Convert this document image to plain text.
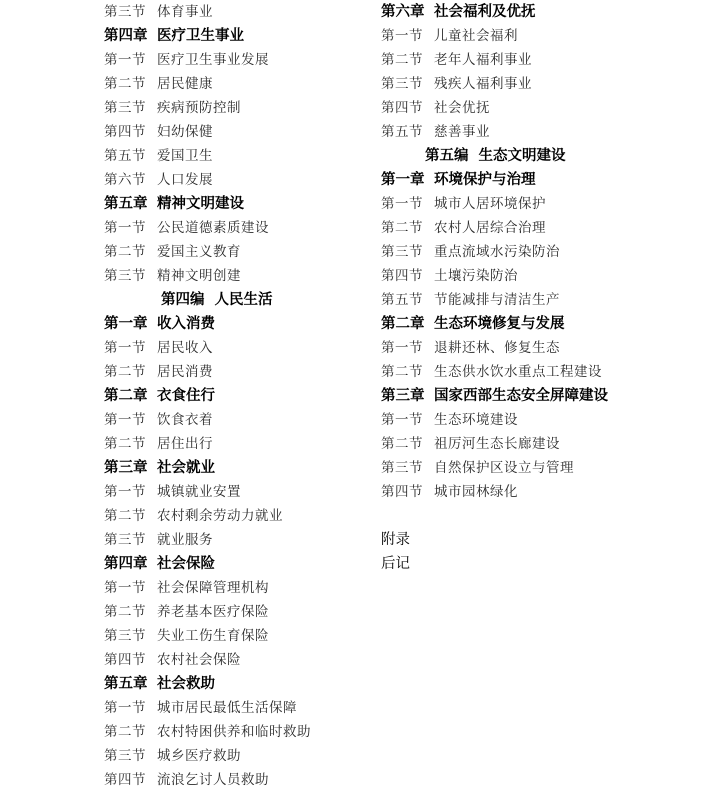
第三节 体育事业
第四章 医疗卫生事业
第一节 医疗卫生事业发展
第二节 居民健康
第三节 疾病预防控制
第四节 妇幼保健
第五节 爱国卫生
第六节 人口发展
第五章 精神文明建设
第一节 公民道德素质建设
第二节 爱国主义教育
第三节 精神文明创建
第四编 人民生活
第一章 收入消费
第一节 居民收入
第二节 居民消费
第二章 衣食住行
第一节 饮食衣着
第二节 居住出行
第三章 社会就业
第一节 城镇就业安置
第二节 农村剩余劳动力就业
第三节 就业服务
第四章 社会保险
第一节 社会保障管理机构
第二节 养老基本医疗保险
第三节 失业工伤生育保险
第四节 农村社会保险
第五章 社会救助
第一节 城市居民最低生活保障
第二节 农村特困供养和临时救助
第三节 城乡医疗救助
第四节 流浪乞讨人员救助
第六章 社会福利及优抚
第一节 儿童社会福利
第二节 老年人福利事业
第三节 残疾人福利事业
第四节 社会优抚
第五节 慈善事业
第五编 生态文明建设
第一章 环境保护与治理
第一节 城市人居环境保护
第二节 农村人居综合治理
第三节 重点流域水污染防治
第四节 土壤污染防治
第五节 节能减排与清洁生产
第二章 生态环境修复与发展
第一节 退耕还林、修复生态
第二节 生态供水饮水重点工程建设
第三章 国家西部生态安全屏障建设
第一节 生态环境建设
第二节 祖厉河生态长廊建设
第三节 自然保护区设立与管理
第四节 城市园林绿化
附录
后记
